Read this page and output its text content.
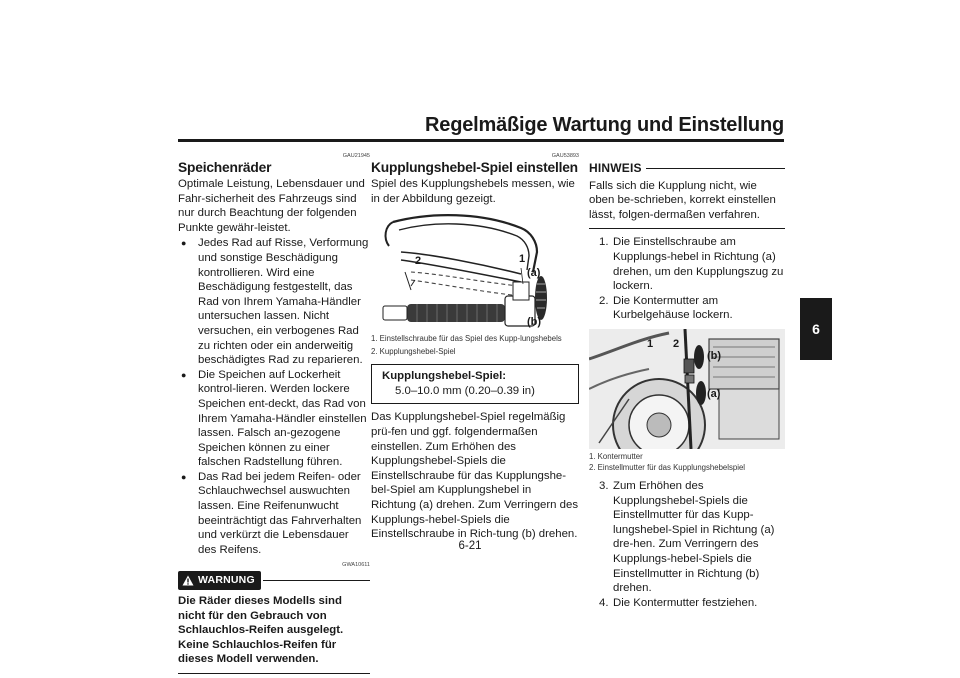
Regelmäßige Wartung und Einstellung
6
GAU21945
Speichenräder
Optimale Leistung, Lebensdauer und Fahr-sicherheit des Fahrzeugs sind nur durch Beachtung der folgenden Punkte gewähr-leistet.
● Jedes Rad auf Risse, Verformung und sonstige Beschädigung kontrollieren. Wird eine Beschädigung festgestellt, das Rad von Ihrem Yamaha-Händler untersuchen lassen. Nicht versuchen, ein verbogenes Rad zu richten oder ein anderweitig beschädigtes Rad zu reparieren.
● Die Speichen auf Lockerheit kontrol-lieren. Werden lockere Speichen ent-deckt, das Rad von Ihrem Yamaha-Händler einstellen lassen. Falsch an-gezogene Speichen können zu einer falschen Radstellung führen.
● Das Rad bei jedem Reifen- oder Schlauchwechsel auswuchten lassen. Eine Reifenunwucht beeinträchtigt das Fahrverhalten und verkürzt die Lebensdauer des Reifens.
GWA10611
WARNUNG
Die Räder dieses Modells sind nicht für den Gebrauch von Schlauchlos-Reifen ausgelegt. Keine Schlauchlos-Reifen für dieses Modell verwenden.
GAU53893
Kupplungshebel-Spiel einstellen
Spiel des Kupplungshebels messen, wie in der Abbildung gezeigt.
1
2
(a)
(b)
1. Einstellschraube für das Spiel des Kupp-lungshebels
2. Kupplungshebel-Spiel
Kupplungshebel-Spiel:
5.0–10.0 mm (0.20–0.39 in)
Das Kupplungshebel-Spiel regelmäßig prü-fen und ggf. folgendermaßen einstellen. Zum Erhöhen des Kupplungshebel-Spiels die Einstellschraube für das Kupplungshe-bel-Spiel am Kupplungshebel in Richtung (a) drehen. Zum Verringern des Kupplungs-hebel-Spiels die Einstellschraube in Rich-tung (b) drehen.
HINWEIS
Falls sich die Kupplung nicht, wie oben be-schrieben, korrekt einstellen lässt, folgen-dermaßen verfahren.
1. Die Einstellschraube am Kupplungs-hebel in Richtung (a) drehen, um den Kupplungszug zu lockern.
2. Die Kontermutter am Kurbelgehäuse lockern.
1 2
(b)
(a)
1. Kontermutter
2. Einstellmutter für das Kupplungshebelspiel
3. Zum Erhöhen des Kupplungshebel-Spiels die Einstellmutter für das Kupp-lungshebel-Spiel in Richtung (a) dre-hen. Zum Verringern des Kupplungs-hebel-Spiels die Einstellmutter in Richtung (b) drehen.
4. Die Kontermutter festziehen.
6-21
